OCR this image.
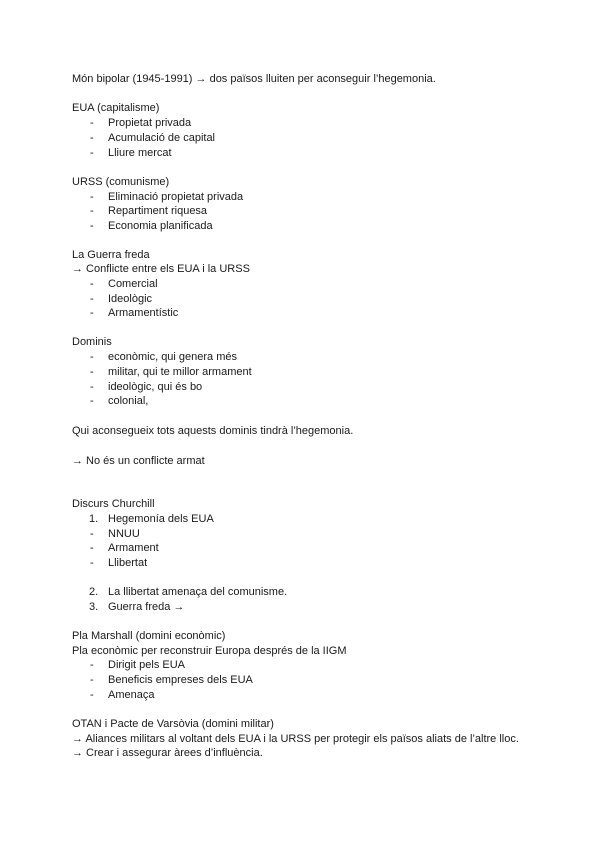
Món bipolar (1945-1991) → dos països lluiten per aconseguir l’hegemonia.
EUA (capitalisme)
-	Propietat privada
-	Acumulació de capital
-	Lliure mercat
URSS (comunisme)
-	Eliminació propietat privada
-	Repartiment riquesa
-	Economia planificada
La Guerra freda
→ Conflicte entre els EUA i la URSS
-	Comercial
-	Ideològic
-	Armamentístic
Dominis
-	econòmic, qui genera més
-	militar, qui te millor armament
-	ideològic, qui és bo
-	colonial,
Qui aconsegueix tots aquests dominis tindrà l’hegemonia.
→ No és un conflicte armat
Discurs Churchill
1. Hegemonía dels EUA
-	NNUU
-	Armament
-	Llibertat
2. La llibertat amenaça del comunisme.
3. Guerra freda →
Pla Marshall (domini econòmic)
Pla econòmic per reconstruir Europa després de la IIGM
-	Dirigit pels EUA
-	Beneficis empreses dels EUA
-	Amenaça
OTAN i Pacte de Varsòvia (domini militar)
→ Aliances militars al voltant dels EUA i la URSS per protegir els països aliats de l’altre lloc.
→ Crear i assegurar àrees d’influència.
